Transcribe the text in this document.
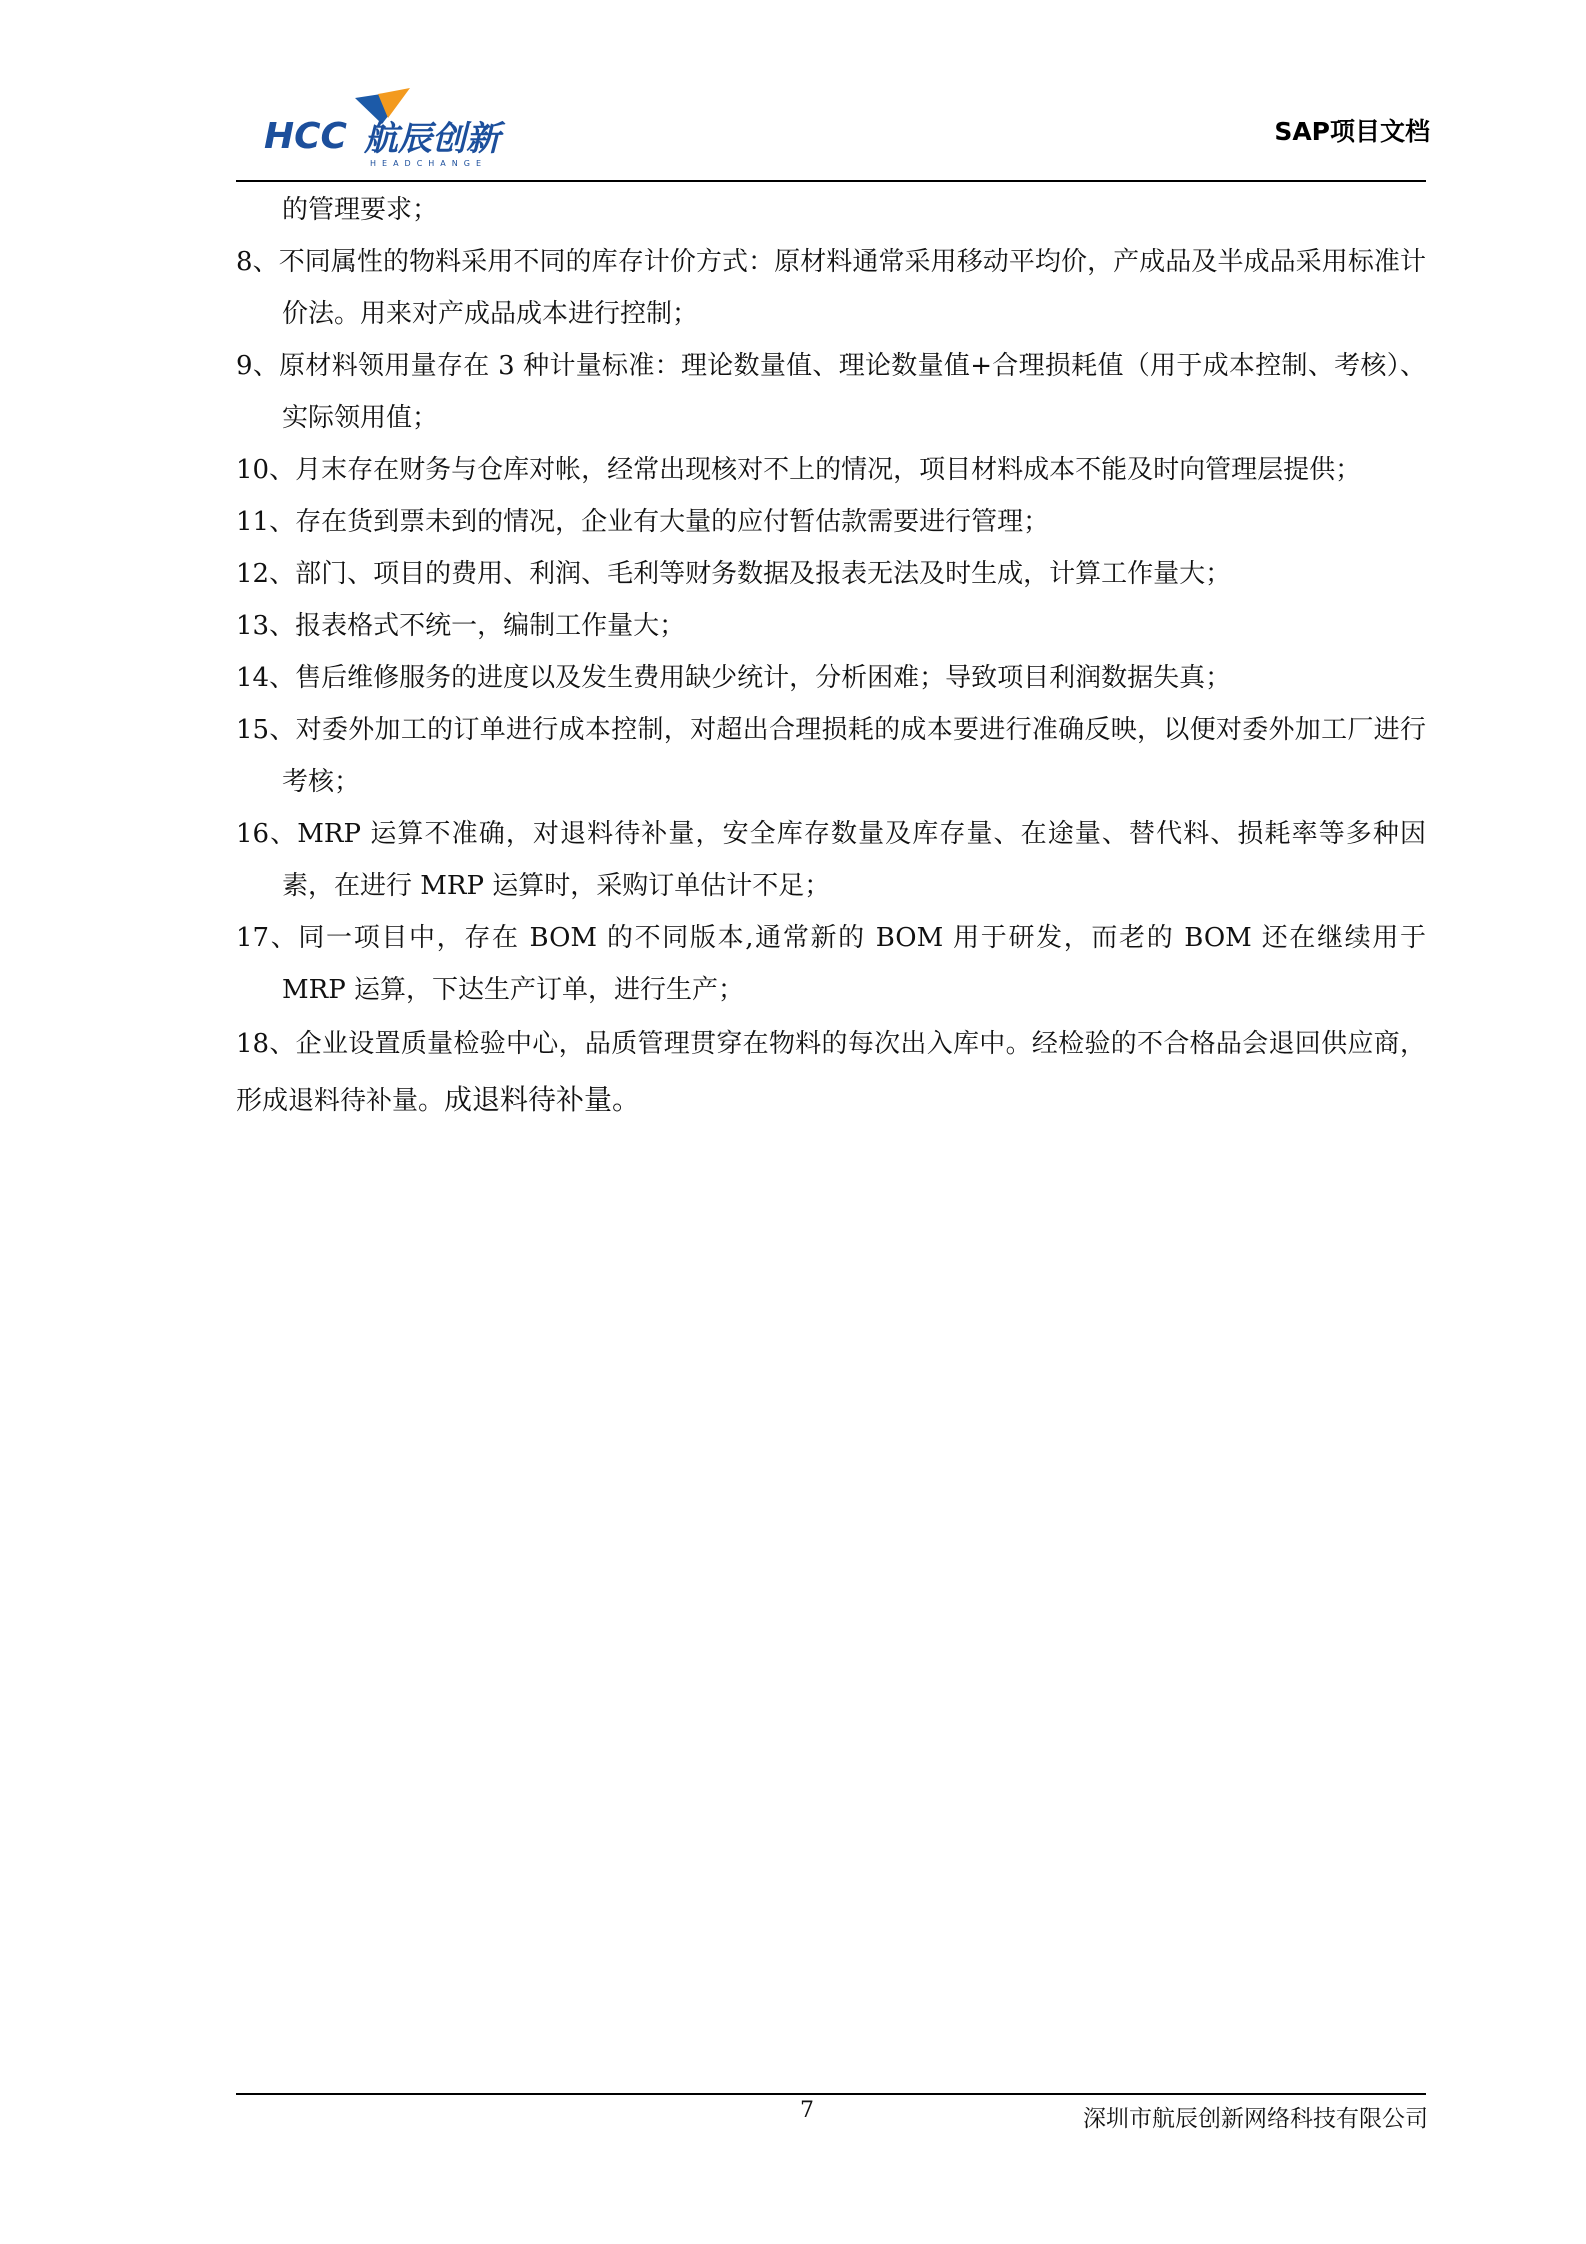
HCC 航辰创新
HEADCHANGE
SAP项目文档
的管理要求；
8、不同属性的物料采用不同的库存计价方式：原材料通常采用移动平均价，产成品及半成品采用标准计价法。用来对产成品成本进行控制；
9、原材料领用量存在 3 种计量标准：理论数量值、理论数量值+合理损耗值（用于成本控制、考核）、实际领用值；
10、月末存在财务与仓库对帐，经常出现核对不上的情况，项目材料成本不能及时向管理层提供；
11、存在货到票未到的情况，企业有大量的应付暂估款需要进行管理；
12、部门、项目的费用、利润、毛利等财务数据及报表无法及时生成，计算工作量大；
13、报表格式不统一，编制工作量大；
14、售后维修服务的进度以及发生费用缺少统计，分析困难；导致项目利润数据失真；
15、对委外加工的订单进行成本控制，对超出合理损耗的成本要进行准确反映，以便对委外加工厂进行考核；
16、MRP 运算不准确，对退料待补量，安全库存数量及库存量、在途量、替代料、损耗率等多种因素，在进行 MRP 运算时，采购订单估计不足；
17、同一项目中，存在 BOM 的不同版本,通常新的 BOM 用于研发，而老的 BOM 还在继续用于 MRP 运算，下达生产订单，进行生产；
18、企业设置质量检验中心，品质管理贯穿在物料的每次出入库中。经检验的不合格品会退回供应商，形成退料待补量。成退料待补量。
7	深圳市航辰创新网络科技有限公司
